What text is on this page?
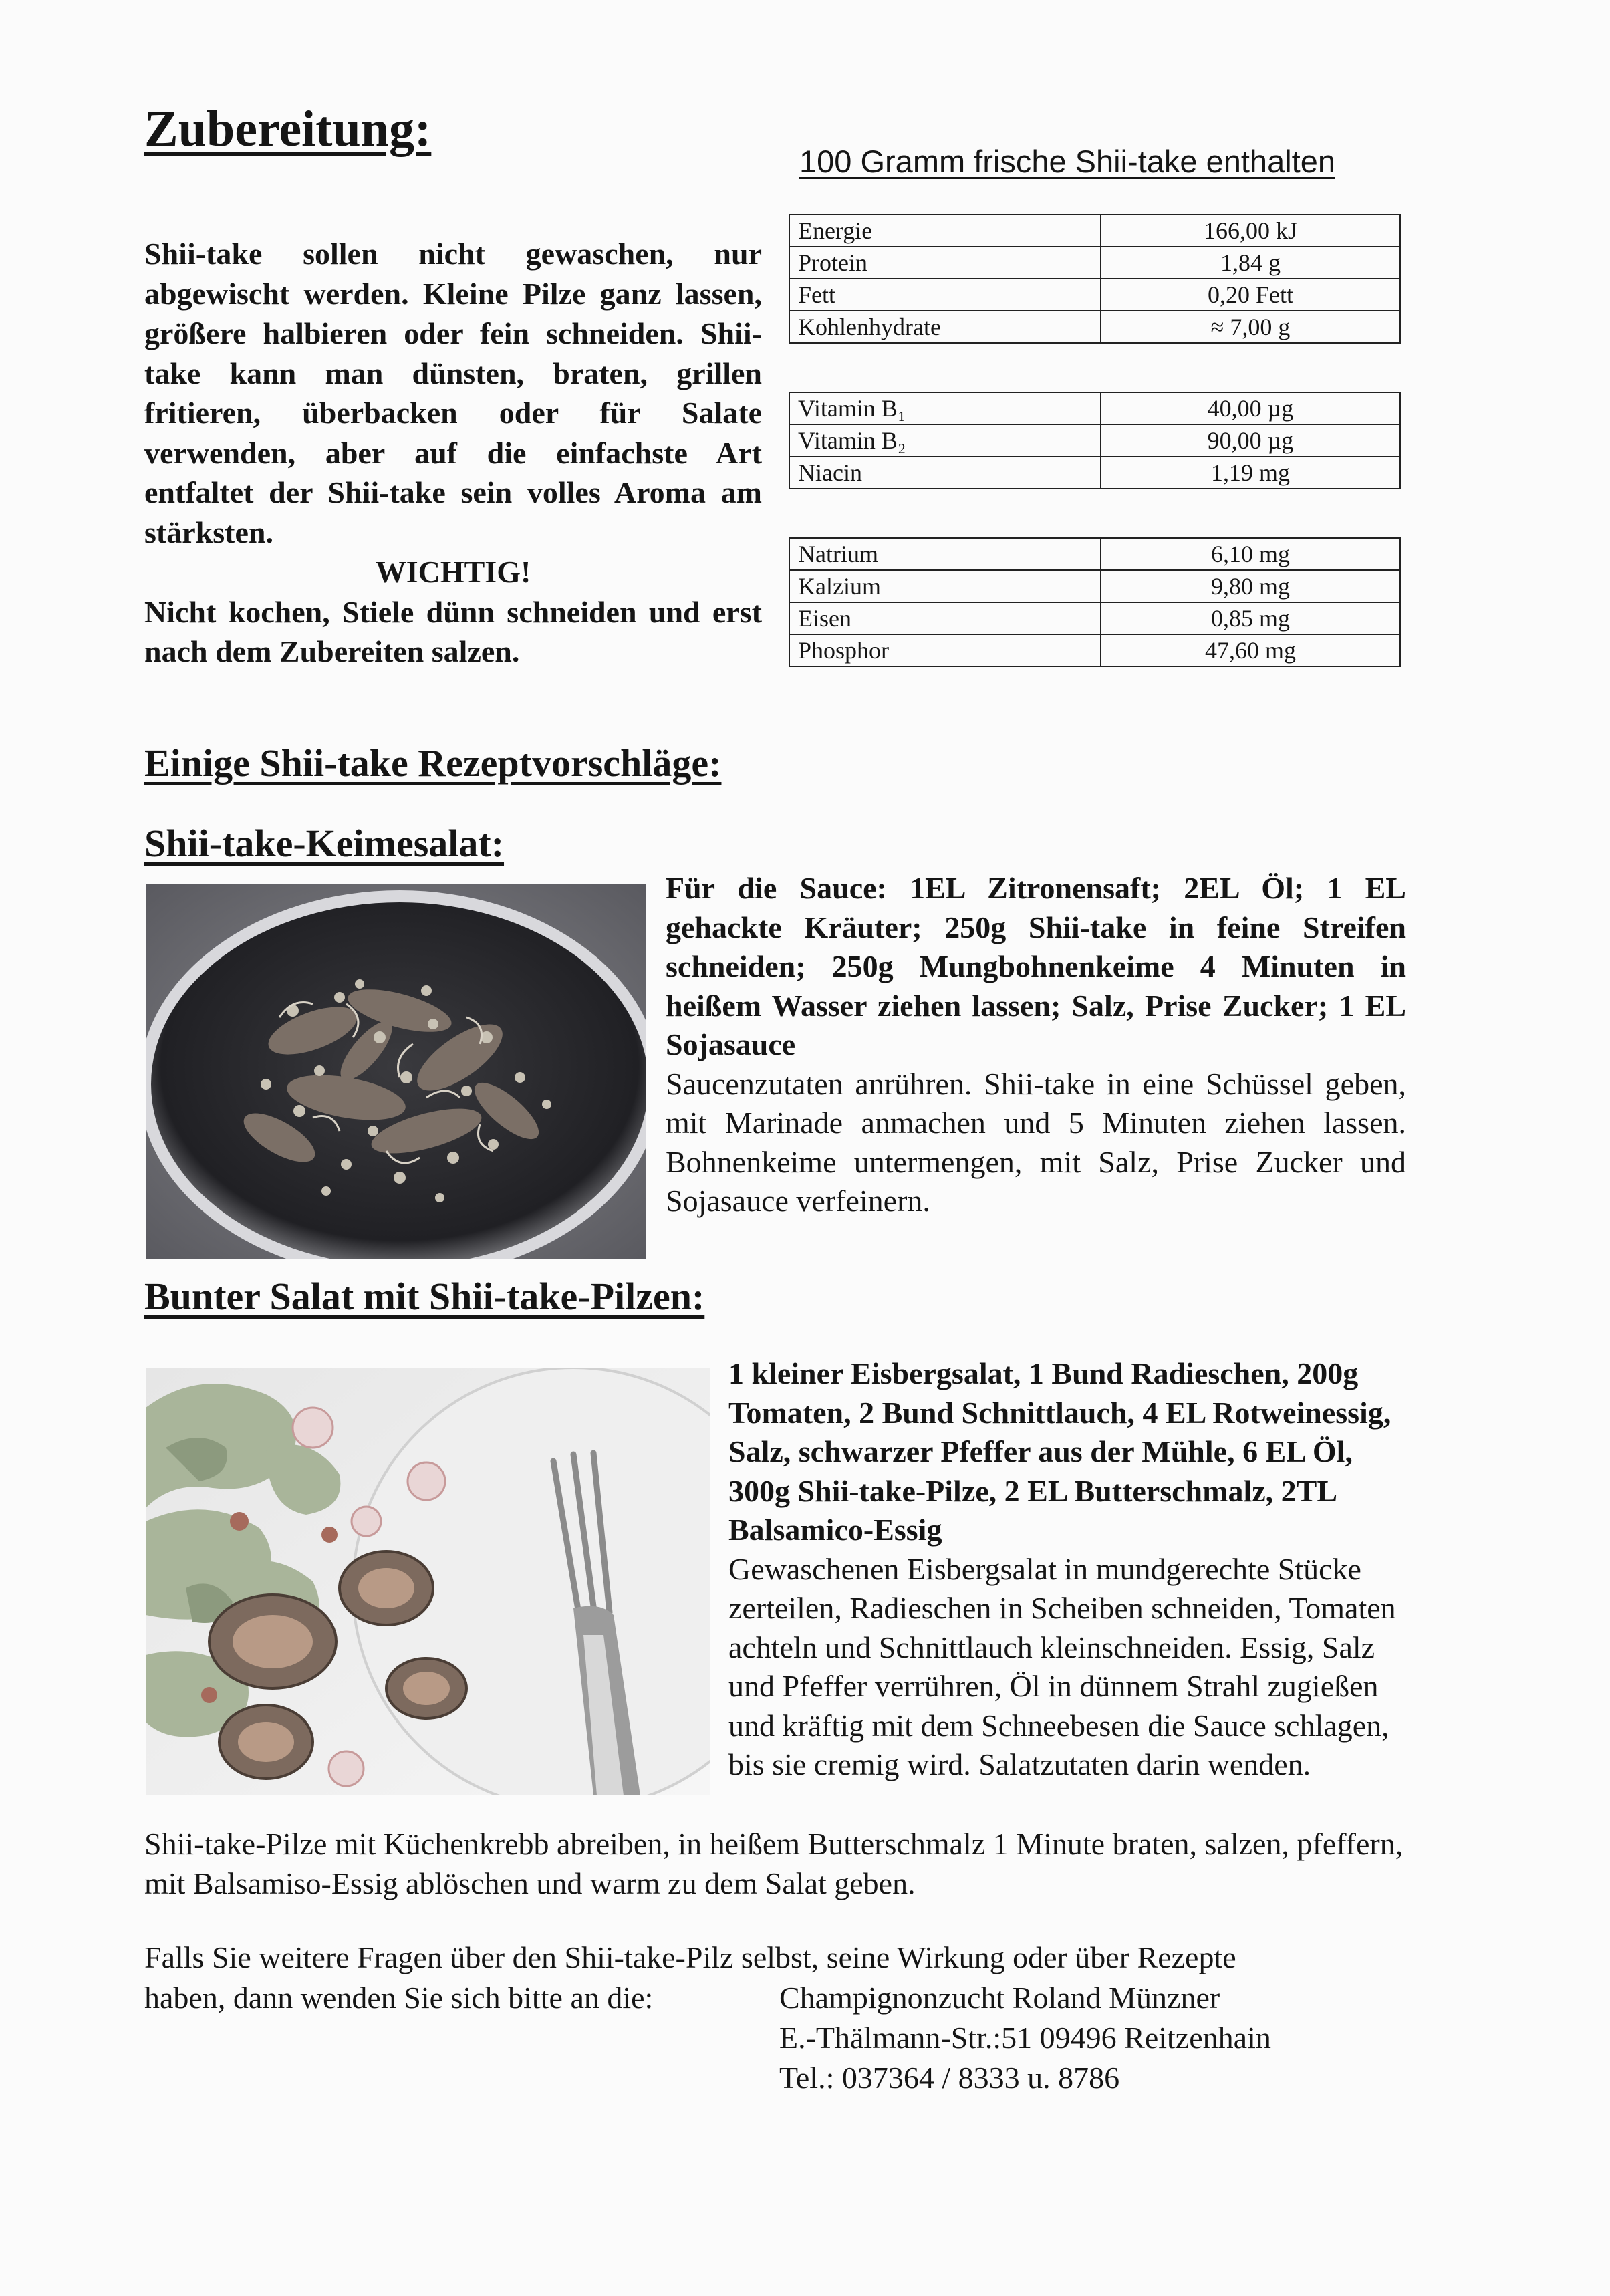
Zubereitung:

Shii-take sollen nicht gewaschen, nur abgewischt werden. Kleine Pilze ganz lassen, größere halbieren oder fein schneiden. Shii-take kann man dünsten, braten, grillen fritieren, überbacken oder für Salate verwenden, aber auf die einfachste Art entfaltet der Shii-take sein volles Aroma am stärksten.

WICHTIG!

Nicht kochen, Stiele dünn schneiden und erst nach dem Zubereiten salzen.

100 Gramm frische Shii-take enthalten
Energie	166,00 kJ
Protein	1,84 g
Fett	0,20 Fett
Kohlenhydrate	≈ 7,00 g
Vitamin B₁	40,00 µg
Vitamin B₂	90,00 µg
Niacin	1,19 mg
Natrium	6,10 mg
Kalzium	9,80 mg
Eisen	0,85 mg
Phosphor	47,60 mg
Einige Shii-take Rezeptvorschläge:
Shii-take-Keimesalat:

Für die Sauce: 1EL Zitronensaft; 2EL Öl; 1 EL gehackte Kräuter; 250g Shii-take in feine Streifen schneiden; 250g Mungbohnenkeime 4 Minuten in heißem Wasser ziehen lassen; Salz, Prise Zucker; 1 EL Sojasauce

Saucenzutaten anrühren. Shii-take in eine Schüssel geben, mit Marinade anmachen und 5 Minuten ziehen lassen. Bohnenkeime untermengen, mit Salz, Prise Zucker und Sojasauce verfeinern.

Bunter Salat mit Shii-take-Pilzen:

1 kleiner Eisbergsalat, 1 Bund Radieschen, 200g Tomaten, 2 Bund Schnittlauch, 4 EL Rotweinessig, Salz, schwarzer Pfeffer aus der Mühle, 6 EL Öl, 300g Shii-take-Pilze, 2 EL Butterschmalz, 2TL Balsamico-Essig

Gewaschenen Eisbergsalat in mundgerechte Stücke zerteilen, Radieschen in Scheiben schneiden, Tomaten achteln und Schnittlauch kleinschneiden. Essig, Salz und Pfeffer verrühren, Öl in dünnem Strahl zugießen und kräftig mit dem Schneebesen die Sauce schlagen, bis sie cremig wird. Salatzutaten darin wenden.

Shii-take-Pilze mit Küchenkrebb abreiben, in heißem Butterschmalz 1 Minute braten, salzen, pfeffern, mit Balsamiso-Essig ablöschen und warm zu dem Salat geben.

Falls Sie weitere Fragen über den Shii-take-Pilz selbst, seine Wirkung oder über Rezepte
haben, dann wenden Sie sich bitte an die:	Champignonzucht Roland Münzner
E.-Thälmann-Str.:51 09496 Reitzenhain
Tel.: 037364 / 8333 u. 8786
